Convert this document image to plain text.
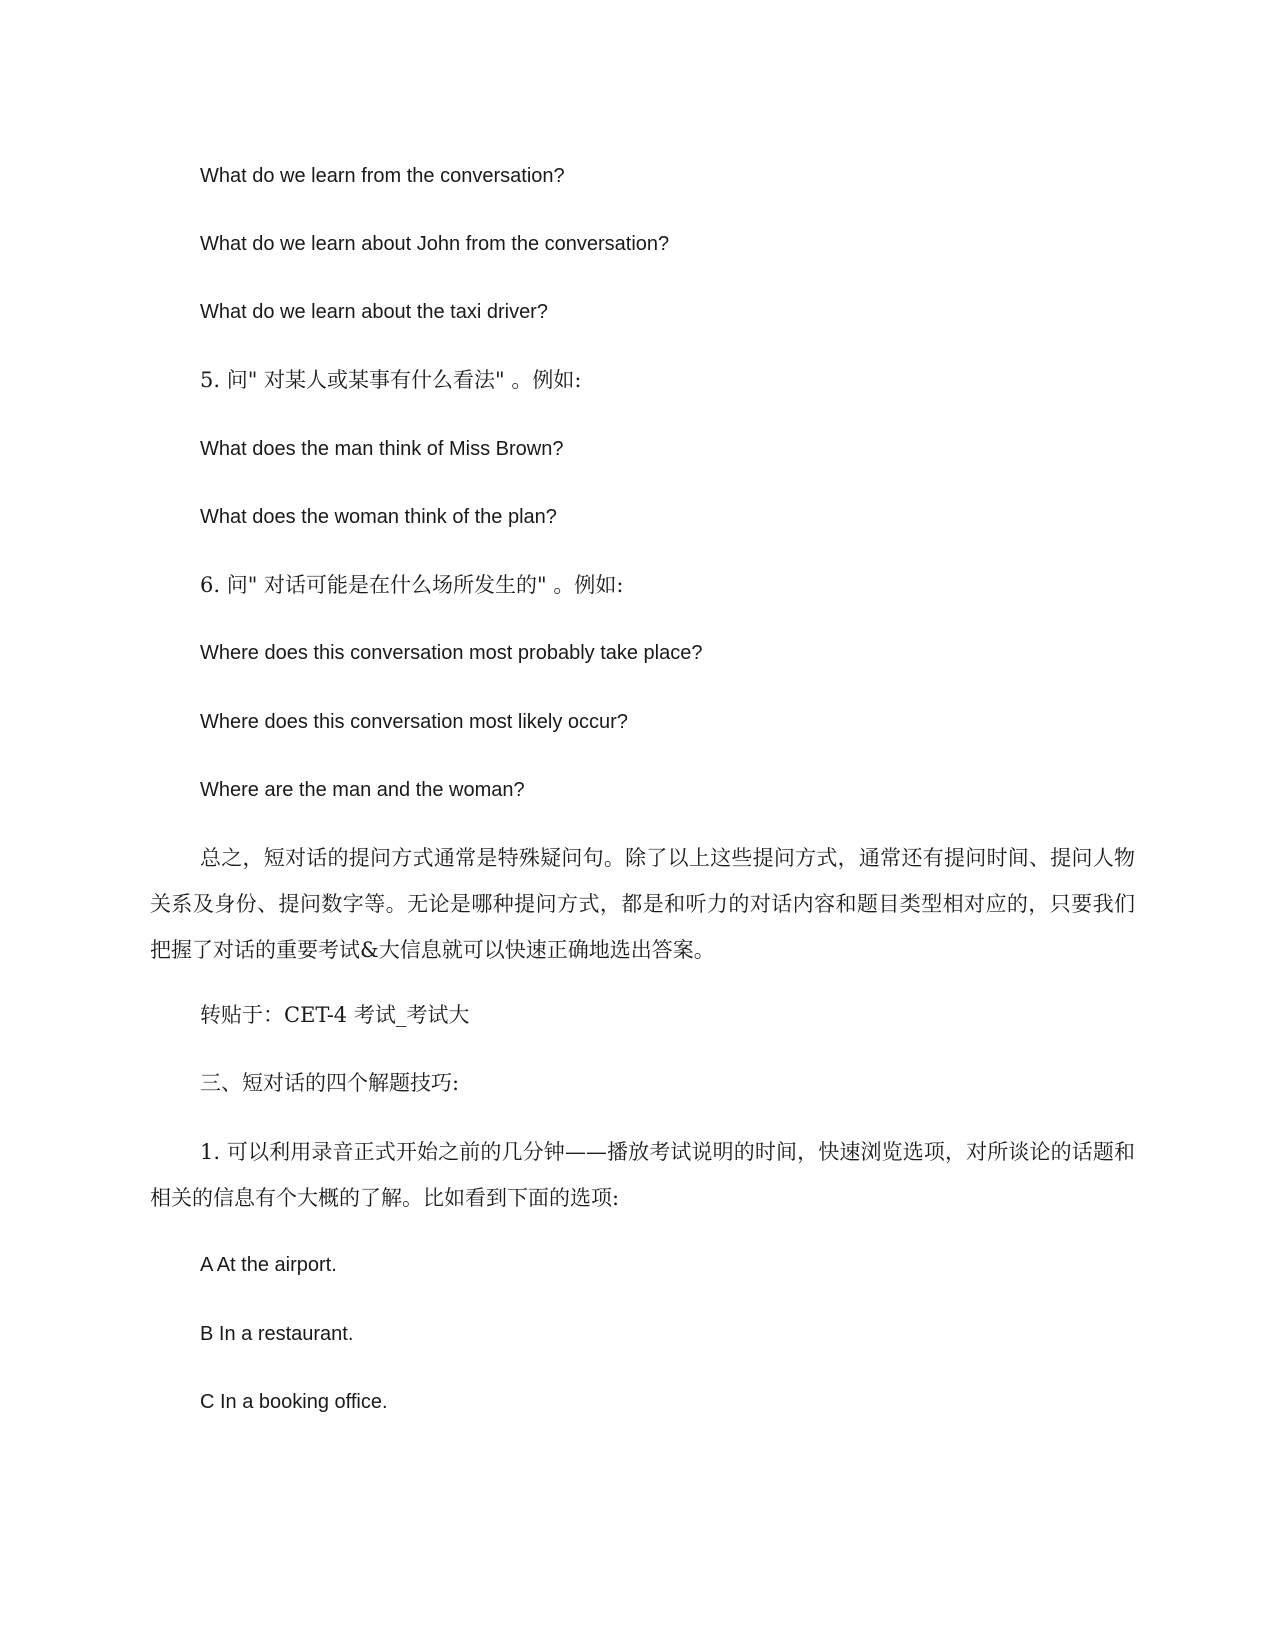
What do we learn from the conversation?
What do we learn about John from the conversation?
What do we learn about the taxi driver?
5. 问" 对某人或某事有什么看法" 。例如:
What does the man think of Miss Brown?
What does the woman think of the plan?
6. 问" 对话可能是在什么场所发生的" 。例如:
Where does this conversation most probably take place?
Where does this conversation most likely occur?
Where are the man and the woman?
总之，短对话的提问方式通常是特殊疑问句。除了以上这些提问方式，通常还有提问时间、提问人物关系及身份、提问数字等。无论是哪种提问方式，都是和听力的对话内容和题目类型相对应的，只要我们把握了对话的重要考试&大信息就可以快速正确地选出答案。
转贴于：CET-4 考试_考试大
三、短对话的四个解题技巧:
1. 可以利用录音正式开始之前的几分钟——播放考试说明的时间，快速浏览选项，对所谈论的话题和相关的信息有个大概的了解。比如看到下面的选项:
A At the airport.
B In a restaurant.
C In a booking office.
